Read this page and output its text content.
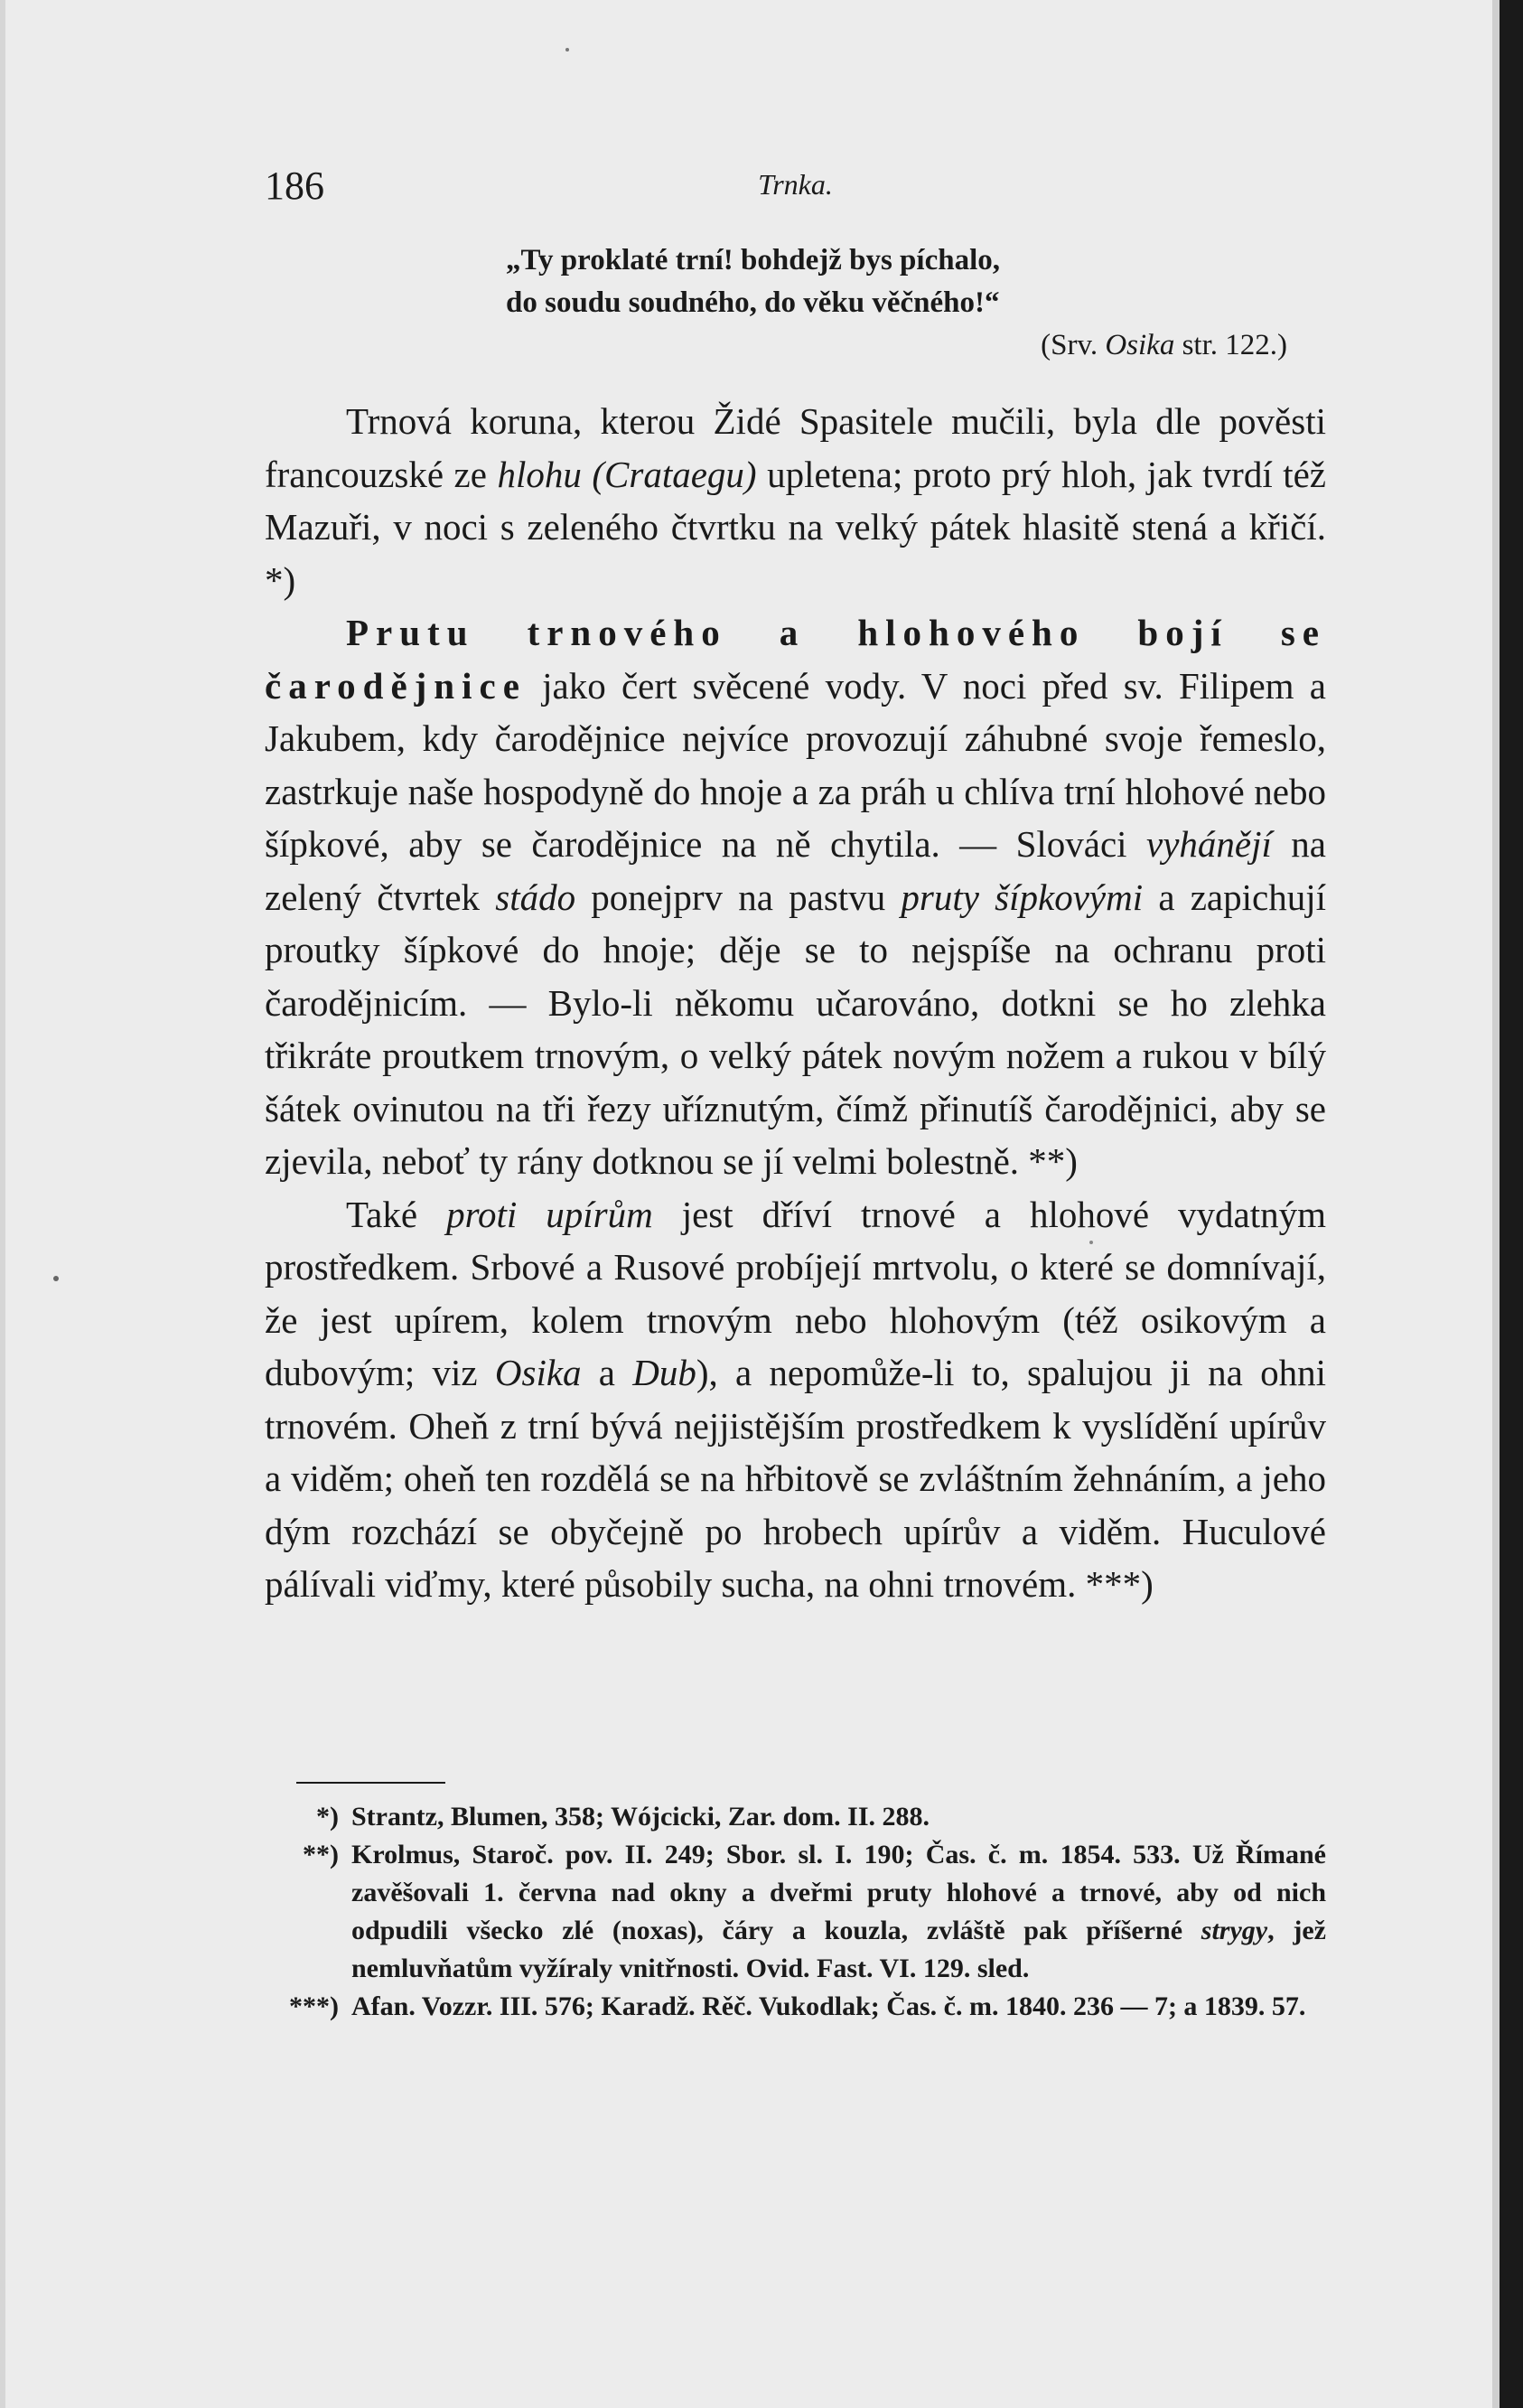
186	Trnka.
„Ty proklaté trní! bohdejž bys píchalo,
do soudu soudného, do věku věčného!“
(Srv. Osika str. 122.)

Trnová koruna, kterou Židé Spasitele mučili, byla dle pověsti francouzské ze hlohu (Crataegu) upletena; proto prý hloh, jak tvrdí též Mazuři, v noci s zeleného čtvrtku na velký pátek hlasitě stená a křičí. *)

Prutu trnového a hlohového bojí se čarodějnice jako čert svěcené vody. V noci před sv. Filipem a Jakubem, kdy čarodějnice nejvíce provozují záhubné svoje řemeslo, zastrkuje naše hospodyně do hnoje a za práh u chlíva trní hlohové nebo šípkové, aby se čarodějnice na ně chytila. — Slováci vyhánějí na zelený čtvrtek stádo ponejprv na pastvu pruty šípkovými a zapichují proutky šípkové do hnoje; děje se to nejspíše na ochranu proti čarodějnicím. — Bylo-li někomu učarováno, dotkni se ho zlehka třikráte proutkem trnovým, o velký pátek novým nožem a rukou v bílý šátek ovinutou na tři řezy uříznutým, čímž přinutíš čarodějnici, aby se zjevila, neboť ty rány dotknou se jí velmi bolestně. **)

Také proti upírům jest dříví trnové a hlohové vydatným prostředkem. Srbové a Rusové probíjejí mrtvolu, o které se domnívají, že jest upírem, kolem trnovým nebo hlohovým (též osikovým a dubovým; viz Osika a Dub), a nepomůže-li to, spalujou ji na ohni trnovém. Oheň z trní bývá nejjistějším prostředkem k vyslídění upírův a viděm; oheň ten rozdělá se na hřbitově se zvláštním žehnáním, a jeho dým rozchází se obyčejně po hrobech upírův a viděm. Huculové pálívali viďmy, které působily sucha, na ohni trnovém. ***)

*) Strantz, Blumen, 358; Wójcicki, Zar. dom. II. 288.
**) Krolmus, Staroč. pov. II. 249; Sbor. sl. I. 190; Čas. č. m. 1854. 533. Už Římané zavěšovali 1. června nad okny a dveřmi pruty hlohové a trnové, aby od nich odpudili všecko zlé (noxas), čáry a kouzla, zvláště pak příšerné strygy, jež nemluvňatům vyžíraly vnitřnosti. Ovid. Fast. VI. 129. sled.
***) Afan. Vozzr. III. 576; Karadž. Rěč. Vukodlak; Čas. č. m. 1840. 236 — 7; a 1839. 57.
